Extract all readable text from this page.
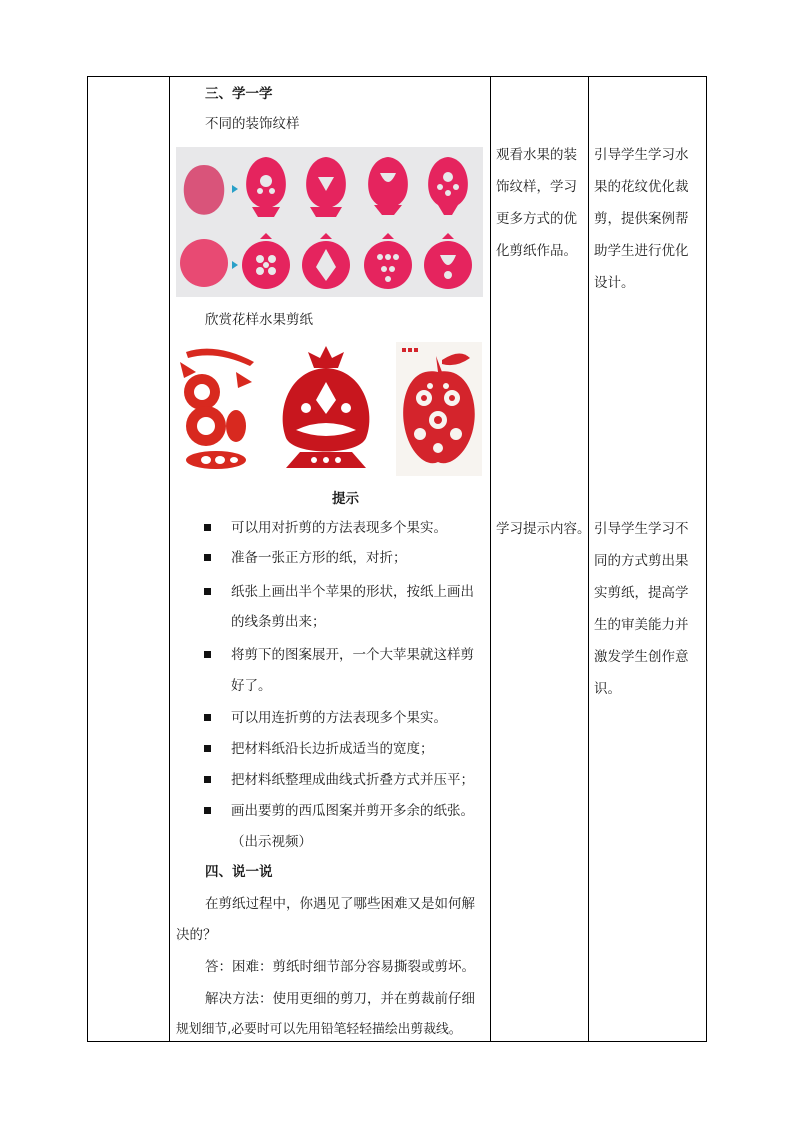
三、学一学
不同的装饰纹样
欣赏花样水果剪纸
提示
可以用对折剪的方法表现多个果实。
准备一张正方形的纸，对折；
纸张上画出半个苹果的形状，按纸上画出
的线条剪出来；
将剪下的图案展开，一个大苹果就这样剪
好了。
可以用连折剪的方法表现多个果实。
把材料纸沿长边折成适当的宽度；
把材料纸整理成曲线式折叠方式并压平；
画出要剪的西瓜图案并剪开多余的纸张。
（出示视频）
四、说一说
在剪纸过程中，你遇见了哪些困难又是如何解
决的？
答：困难：剪纸时细节部分容易撕裂或剪坏。
解决方法：使用更细的剪刀，并在剪裁前仔细
规划细节,必要时可以先用铅笔轻轻描绘出剪裁线。
观看水果的装
饰纹样，学习
更多方式的优
化剪纸作品。
学习提示内容。
引导学生学习水
果的花纹优化裁
剪，提供案例帮
助学生进行优化
设计。
引导学生学习不
同的方式剪出果
实剪纸，提高学
生的审美能力并
激发学生创作意
识。
